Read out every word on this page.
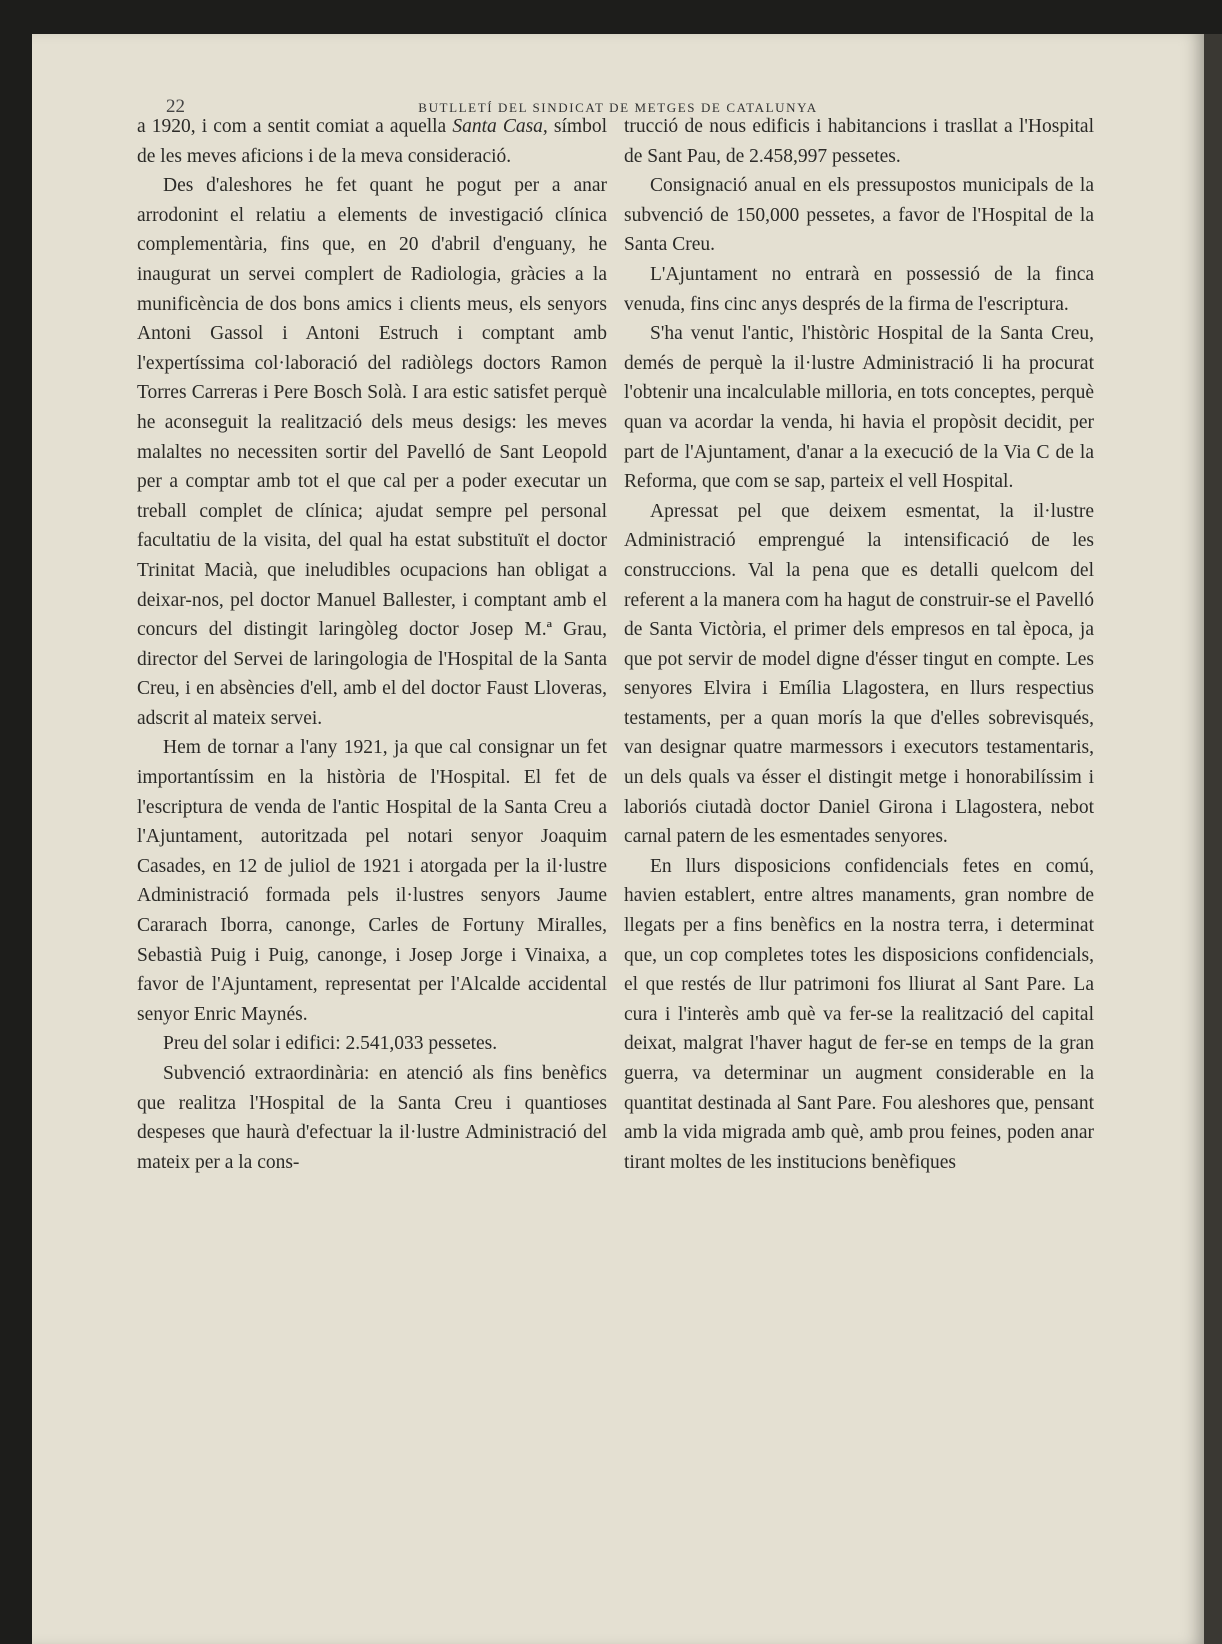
22	BUTLLETÍ DEL SINDICAT DE METGES DE CATALUNYA

a 1920, i com a sentit comiat a aquella Santa Casa, símbol de les meves aficions i de la meva consideració.

Des d'aleshores he fet quant he pogut per a anar arrodonint el relatiu a elements de investigació clínica complementària, fins que, en 20 d'abril d'enguany, he inaugurat un servei complert de Radiologia, gràcies a la munificència de dos bons amics i clients meus, els senyors Antoni Gassol i Antoni Estruch i comptant amb l'expertíssima col·laboració del radiòlegs doctors Ramon Torres Carreras i Pere Bosch Solà. I ara estic satisfet perquè he aconseguit la realització dels meus desigs: les meves malaltes no necessiten sortir del Pavelló de Sant Leopold per a comptar amb tot el que cal per a poder executar un treball complet de clínica; ajudat sempre pel personal facultatiu de la visita, del qual ha estat substituït el doctor Trinitat Macià, que ineludibles ocupacions han obligat a deixar-nos, pel doctor Manuel Ballester, i comptant amb el concurs del distingit laringòleg doctor Josep M.ª Grau, director del Servei de laringologia de l'Hospital de la Santa Creu, i en absències d'ell, amb el del doctor Faust Lloveras, adscrit al mateix servei.

Hem de tornar a l'any 1921, ja que cal consignar un fet importantíssim en la història de l'Hospital. El fet de l'escriptura de venda de l'antic Hospital de la Santa Creu a l'Ajuntament, autoritzada pel notari senyor Joaquim Casades, en 12 de juliol de 1921 i atorgada per la il·lustre Administració formada pels il·lustres senyors Jaume Cararach Iborra, canonge, Carles de Fortuny Miralles, Sebastià Puig i Puig, canonge, i Josep Jorge i Vinaixa, a favor de l'Ajuntament, representat per l'Alcalde accidental senyor Enric Maynés.

Preu del solar i edifici: 2.541,033 pessetes.

Subvenció extraordinària: en atenció als fins benèfics que realitza l'Hospital de la Santa Creu i quantioses despeses que haurà d'efectuar la il·lustre Administració del mateix per a la cons-

trucció de nous edificis i habitancions i trasllat a l'Hospital de Sant Pau, de 2.458,997 pessetes.

Consignació anual en els pressupostos municipals de la subvenció de 150,000 pessetes, a favor de l'Hospital de la Santa Creu.

L'Ajuntament no entrarà en possessió de la finca venuda, fins cinc anys després de la firma de l'escriptura.

S'ha venut l'antic, l'històric Hospital de la Santa Creu, demés de perquè la il·lustre Administració li ha procurat l'obtenir una incalculable milloria, en tots conceptes, perquè quan va acordar la venda, hi havia el propòsit decidit, per part de l'Ajuntament, d'anar a la execució de la Via C de la Reforma, que com se sap, parteix el vell Hospital.

Apressat pel que deixem esmentat, la il·lustre Administració emprengué la intensificació de les construccions. Val la pena que es detalli quelcom del referent a la manera com ha hagut de construir-se el Pavelló de Santa Victòria, el primer dels empresos en tal època, ja que pot servir de model digne d'ésser tingut en compte. Les senyores Elvira i Emília Llagostera, en llurs respectius testaments, per a quan morís la que d'elles sobrevisqués, van designar quatre marmessors i executors testamentaris, un dels quals va ésser el distingit metge i honorabilíssim i laboriós ciutadà doctor Daniel Girona i Llagostera, nebot carnal patern de les esmentades senyores.

En llurs disposicions confidencials fetes en comú, havien establert, entre altres manaments, gran nombre de llegats per a fins benèfics en la nostra terra, i determinat que, un cop completes totes les disposicions confidencials, el que restés de llur patrimoni fos lliurat al Sant Pare. La cura i l'interès amb què va fer-se la realització del capital deixat, malgrat l'haver hagut de fer-se en temps de la gran guerra, va determinar un augment considerable en la quantitat destinada al Sant Pare. Fou aleshores que, pensant amb la vida migrada amb què, amb prou feines, poden anar tirant moltes de les institucions benèfiques
